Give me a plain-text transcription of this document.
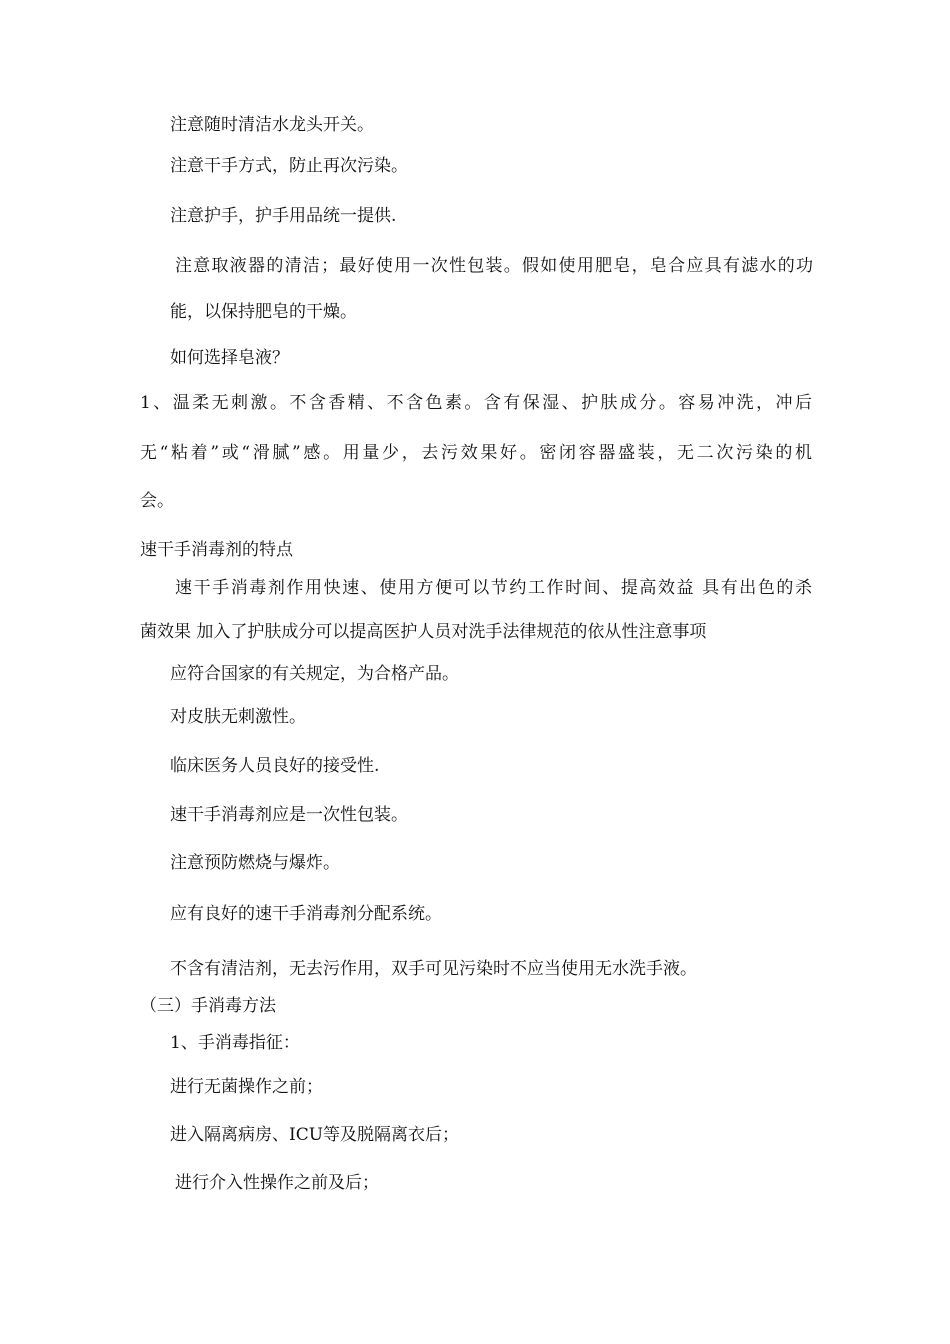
注意随时清洁水龙头开关。
注意干手方式，防止再次污染。
注意护手，护手用品统一提供.
注意取液器的清洁；最好使用一次性包装。假如使用肥皂，皂合应具有滤水的功
能，以保持肥皂的干燥。
如何选择皂液？
1、温柔无刺激。不含香精、不含色素。含有保湿、护肤成分。容易冲洗，冲后
无“粘着”或“滑腻”感。用量少，去污效果好。密闭容器盛装，无二次污染的机
会。
速干手消毒剂的特点
速干手消毒剂作用快速、使用方便可以节约工作时间、提高效益 具有出色的杀
菌效果 加入了护肤成分可以提高医护人员对洗手法律规范的依从性注意事项
应符合国家的有关规定，为合格产品。
对皮肤无刺激性。
临床医务人员良好的接受性.
速干手消毒剂应是一次性包装。
注意预防燃烧与爆炸。
应有良好的速干手消毒剂分配系统。
不含有清洁剂，无去污作用，双手可见污染时不应当使用无水洗手液。
（三）手消毒方法
1、手消毒指征：
进行无菌操作之前；
进入隔离病房、ICU等及脱隔离衣后；
进行介入性操作之前及后；
